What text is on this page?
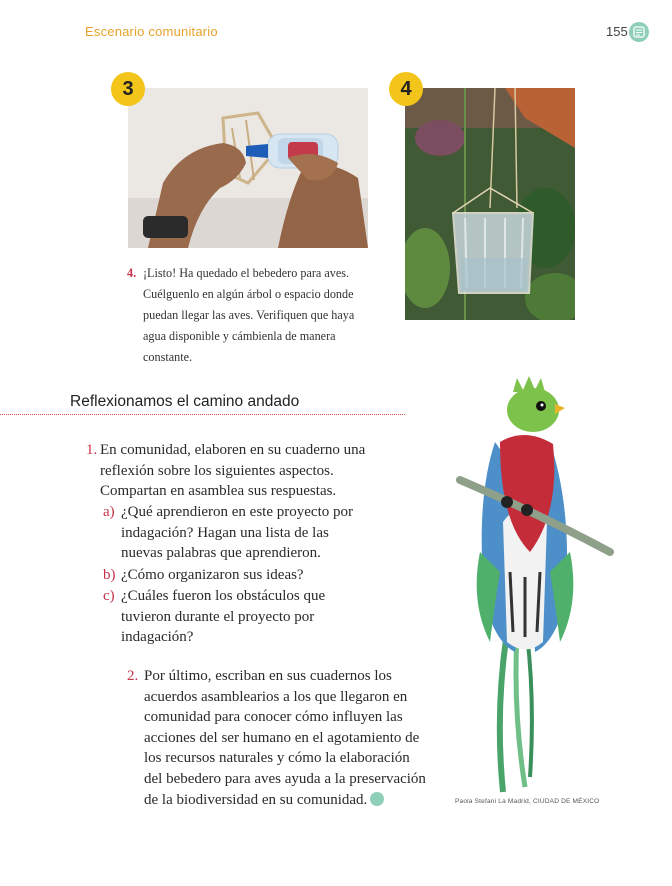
Escenario comunitario	155
3	4
4. ¡Listo! Ha quedado el bebedero para aves. Cuélguenlo en algún árbol o espacio donde puedan llegar las aves. Verifiquen que haya agua disponible y cámbienla de manera constante.
Reflexionamos el camino andado
1. En comunidad, elaboren en su cuaderno una reflexión sobre los siguientes aspectos. Compartan en asamblea sus respuestas.
a) ¿Qué aprendieron en este proyecto por indagación? Hagan una lista de las nuevas palabras que aprendieron.
b) ¿Cómo organizaron sus ideas?
c) ¿Cuáles fueron los obstáculos que tuvieron durante el proyecto por indagación?
2. Por último, escriban en sus cuadernos los acuerdos asamblearios a los que llegaron en comunidad para conocer cómo influyen las acciones del ser humano en el agotamiento de los recursos naturales y cómo la elaboración del bebedero para aves ayuda a la preservación de la biodiversidad en su comunidad.	Paola Stefani La Madrid, CIUDAD DE MÉXICO
